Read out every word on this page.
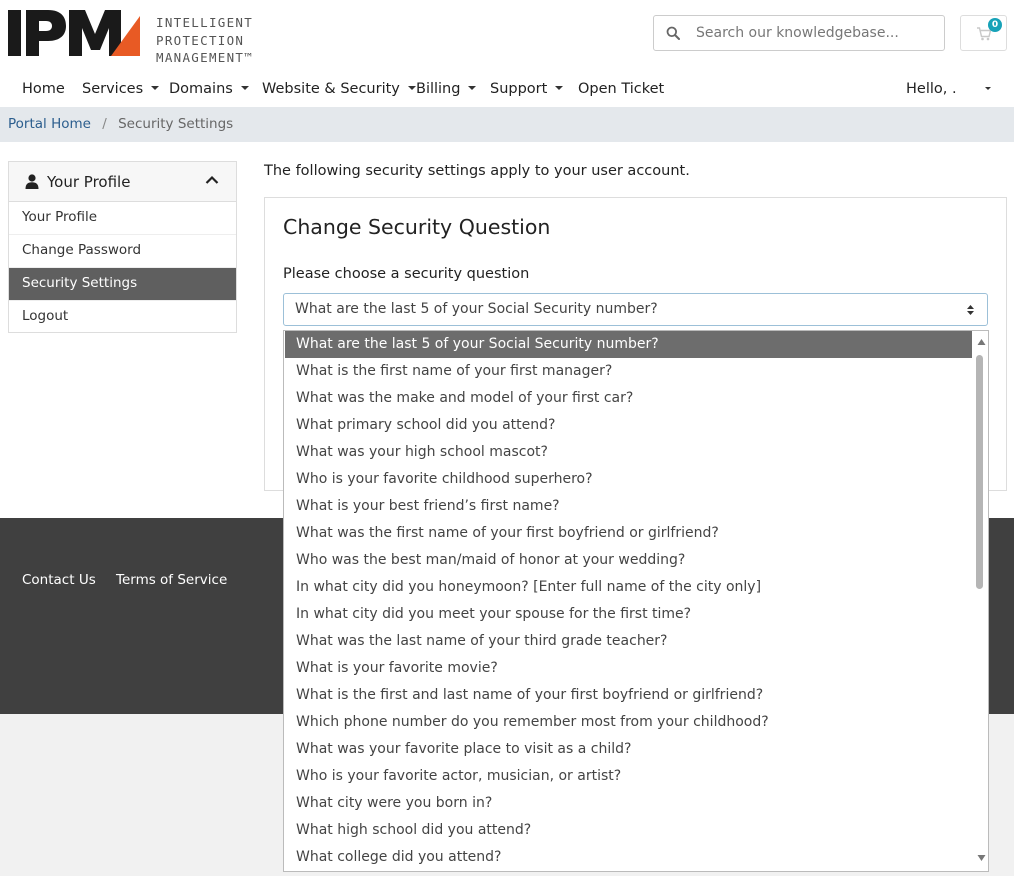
INTELLIGENT
PROTECTION
MANAGEMENT™
Search our knowledgebase...
0
Home Services	Domains	Website & Security	Billing	Support	Open Ticket	Hello, .
Portal Home / Security Settings
Your Profile
Your Profile
Change Password
Security Settings
Logout
The following security settings apply to your user account.
Change Security Question
Please choose a security question
What are the last 5 of your Social Security number?
Contact Us Terms of Service
What are the last 5 of your Social Security number?
What is the first name of your first manager?
What was the make and model of your first car?
What primary school did you attend?
What was your high school mascot?
Who is your favorite childhood superhero?
What is your best friend’s first name?
What was the first name of your first boyfriend or girlfriend?
Who was the best man/maid of honor at your wedding?
In what city did you honeymoon? [Enter full name of the city only]
In what city did you meet your spouse for the first time?
What was the last name of your third grade teacher?
What is your favorite movie?
What is the first and last name of your first boyfriend or girlfriend?
Which phone number do you remember most from your childhood?
What was your favorite place to visit as a child?
Who is your favorite actor, musician, or artist?
What city were you born in?
What high school did you attend?
What college did you attend?
